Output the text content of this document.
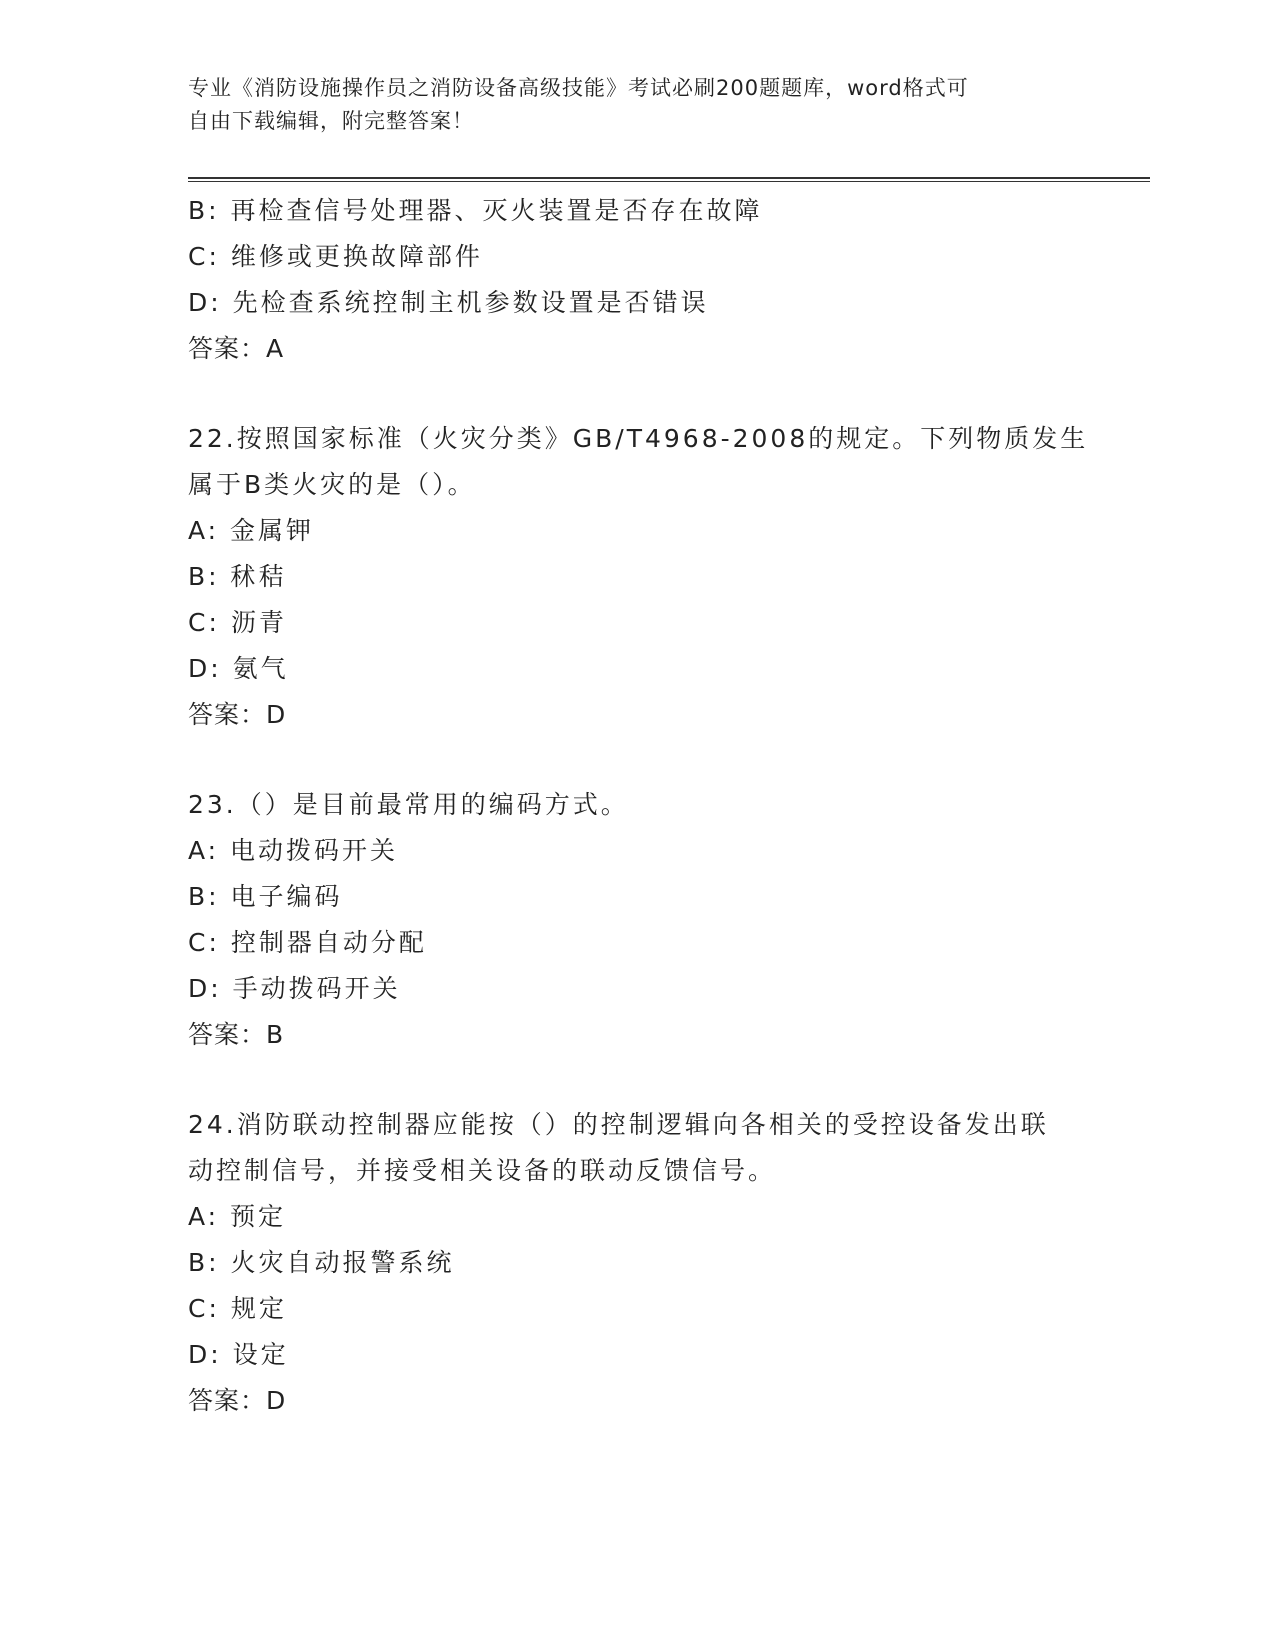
专业《消防设施操作员之消防设备高级技能》考试必刷200题题库，word格式可
自由下载编辑，附完整答案！
B: 再检查信号处理器、灭火装置是否存在故障
C: 维修或更换故障部件
D: 先检查系统控制主机参数设置是否错误
答案：A
22.按照国家标准（火灾分类》GB/T4968-2008的规定。下列物质发生
属于B类火灾的是（）。
A: 金属钾
B: 秫秸
C: 沥青
D: 氨气
答案：D
23.（）是目前最常用的编码方式。
A: 电动拨码开关
B: 电子编码
C: 控制器自动分配
D: 手动拨码开关
答案：B
24.消防联动控制器应能按（）的控制逻辑向各相关的受控设备发出联
动控制信号，并接受相关设备的联动反馈信号。
A: 预定
B: 火灾自动报警系统
C: 规定
D: 设定
答案：D
